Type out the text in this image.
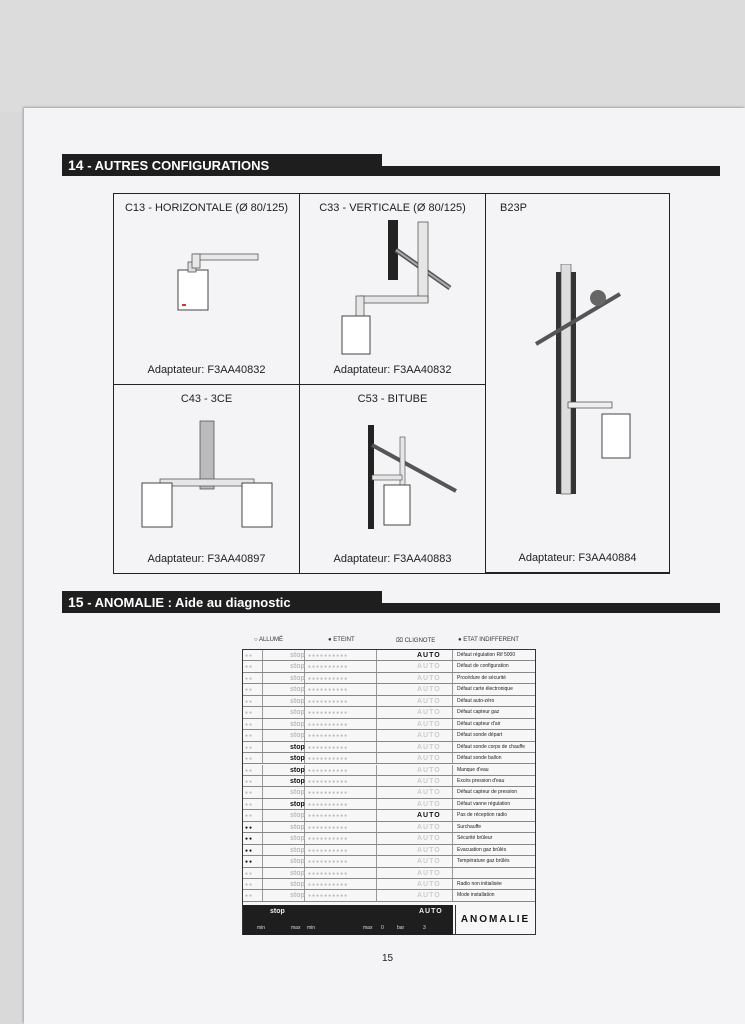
14 - AUTRES CONFIGURATIONS
C13 - HORIZONTALE (Ø 80/125)
Adaptateur: F3AA40832
C33 - VERTICALE (Ø 80/125)
Adaptateur: F3AA40832
B23P
Adaptateur: F3AA40884
C43 - 3CE
Adaptateur: F3AA40897
C53 - BITUBE
Adaptateur: F3AA40883
15 - ANOMALIE : Aide au diagnostic
○ ALLUMÉ	● ETEINT	⌧ CLIGNOTE	● ETAT INDIFFERENT
●●	stop ●●●●●●●●●●	AUTO	Défaut régulation Rif 5000
●●	stop ●●●●●●●●●●	AUTO	Défaut de configuration
●●	stop ●●●●●●●●●●	AUTO	Procédure de sécurité
●●	stop ●●●●●●●●●●	AUTO	Défaut carte électronique
●●	stop ●●●●●●●●●●	AUTO	Défaut auto-zéro
●●	stop ●●●●●●●●●●	AUTO	Défaut capteur gaz
●●	stop ●●●●●●●●●●	AUTO	Défaut capteur d'air
●●	stop ●●●●●●●●●●	AUTO	Défaut sonde départ
●●	stop ●●●●●●●●●●	AUTO	Défaut sonde corps de chauffe
●●	stop ●●●●●●●●●●	AUTO	Défaut sonde ballon
●●	stop ●●●●●●●●●●	AUTO	Manque d'eau
●●	stop ●●●●●●●●●●	AUTO	Excès pression d'eau
●●	stop ●●●●●●●●●●	AUTO	Défaut capteur de pression
●●	stop ●●●●●●●●●●	AUTO	Défaut vanne régulation
●●	stop ●●●●●●●●●●	AUTO	Pas de réception radio
●●	stop ●●●●●●●●●●	AUTO	Surchauffe
●●	stop ●●●●●●●●●●	AUTO	Sécurité brûleur
●●	stop ●●●●●●●●●●	AUTO	Evacuation gaz brûlés
●●	stop ●●●●●●●●●●	AUTO	Température gaz brûlés
●●	stop ●●●●●●●●●●	AUTO
●●	stop ●●●●●●●●●●	AUTO	Radio non initialisée
●●	stop ●●●●●●●●●●	AUTO	Mode installation
stop	AUTO
ANOMALIE
min	max min	max 0	bar	3
15
